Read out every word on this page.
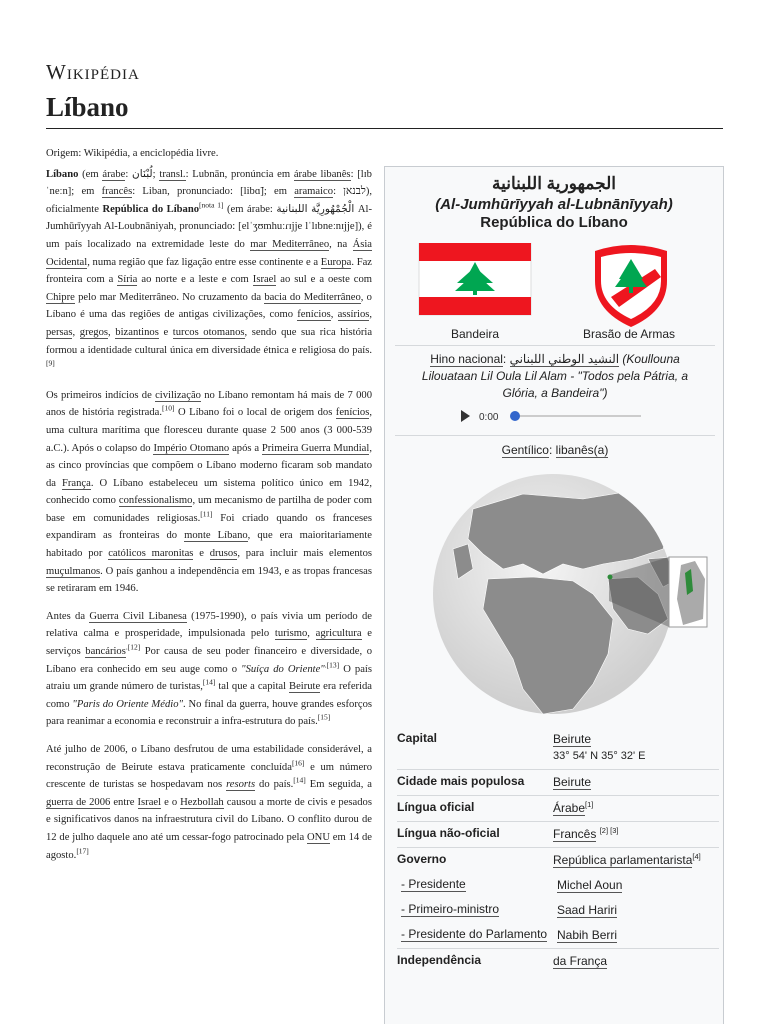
Wikipédia
Líbano

Origem: Wikipédia, a enciclopédia livre.

Líbano (em árabe: لُبْنَان; transl.: Lubnān, pronúncia em árabe libanês: [lɪbˈneːn]; em francês: Liban, pronunciado: [libɑ̃]; em aramaico: לבנאן), oficialmente República do Líbano[nota 1] (em árabe: الْجُمْهُورِيَّة اللبنانية Al-Jumhūrīyyah Al-Loubnāniyah, pronunciado: [elˈʒʊmhuːɾɪjje lˈlɪbneːnɪjje]), é um país localizado na extremidade leste do mar Mediterrâneo, na Ásia Ocidental, numa região que faz ligação entre esse continente e a Europa. Faz fronteira com a Síria ao norte e a leste e com Israel ao sul e a oeste com Chipre pelo mar Mediterrâneo. No cruzamento da bacia do Mediterrâneo, o Líbano é uma das regiões de antigas civilizações, como fenícios, assírios, persas, gregos, bizantinos e turcos otomanos, sendo que sua rica história formou a identidade cultural única em diversidade étnica e religiosa do país.[9]

Os primeiros indícios de civilização no Líbano remontam há mais de 7 000 anos de história registrada.[10] O Líbano foi o local de origem dos fenícios, uma cultura marítima que floresceu durante quase 2 500 anos (3 000-539 a.C.). Após o colapso do Império Otomano após a Primeira Guerra Mundial, as cinco províncias que compõem o Líbano moderno ficaram sob mandato da França. O Líbano estabeleceu um sistema político único em 1942, conhecido como confessionalismo, um mecanismo de partilha de poder com base em comunidades religiosas.[11] Foi criado quando os franceses expandiram as fronteiras do monte Líbano, que era maioritariamente habitado por católicos maronitas e drusos, para incluir mais elementos muçulmanos. O país ganhou a independência em 1943, e as tropas francesas se retiraram em 1946.

Antes da Guerra Civil Libanesa (1975-1990), o país vivia um período de relativa calma e prosperidade, impulsionada pelo turismo, agricultura e serviços bancários$^{.[12]}$ Por causa de seu poder financeiro e diversidade, o Líbano era conhecido em seu auge como o "Suíça do Oriente"$^{.[13]}$ O país atraiu um grande número de turistas,[14] tal que a capital Beirute era referida como "Paris do Oriente Médio". No final da guerra, houve grandes esforços para reanimar a economia e reconstruir a infra-estrutura do país.[15]

Até julho de 2006, o Líbano desfrutou de uma estabilidade considerável, a reconstrução de Beirute estava praticamente concluída[16] e um número crescente de turistas se hospedavam nos resorts do país.[14] Em seguida, a guerra de 2006 entre Israel e o Hezbollah causou a morte de civis e pesados e significativos danos na infraestrutura civil do Líbano. O conflito durou de 12 de julho daquele ano até um cessar-fogo patrocinado pela ONU em 14 de agosto.[17]

الجمهورية اللبنانية
(Al-Jumhūrīyyah al-Lubnānīyyah)
República do Líbano
Bandeira	Brasão de Armas
Hino nacional: النشيد الوطني اللبناني (Koullouna Lilouataan Lil Oula Lil Alam - "Todos pela Pátria, a Glória, a Bandeira")
0:00
Gentílico: libanês(a)
Capital	Beirute
33° 54' N 35° 32' E
Cidade mais populosa	Beirute
Língua oficial	Árabe[1]
Língua não-oficial	Francês [2] [3]
Governo	República parlamentarista[4]
- Presidente	Michel Aoun
- Primeiro-ministro	Saad Hariri
- Presidente do Parlamento Nabih Berri
Independência	da França
